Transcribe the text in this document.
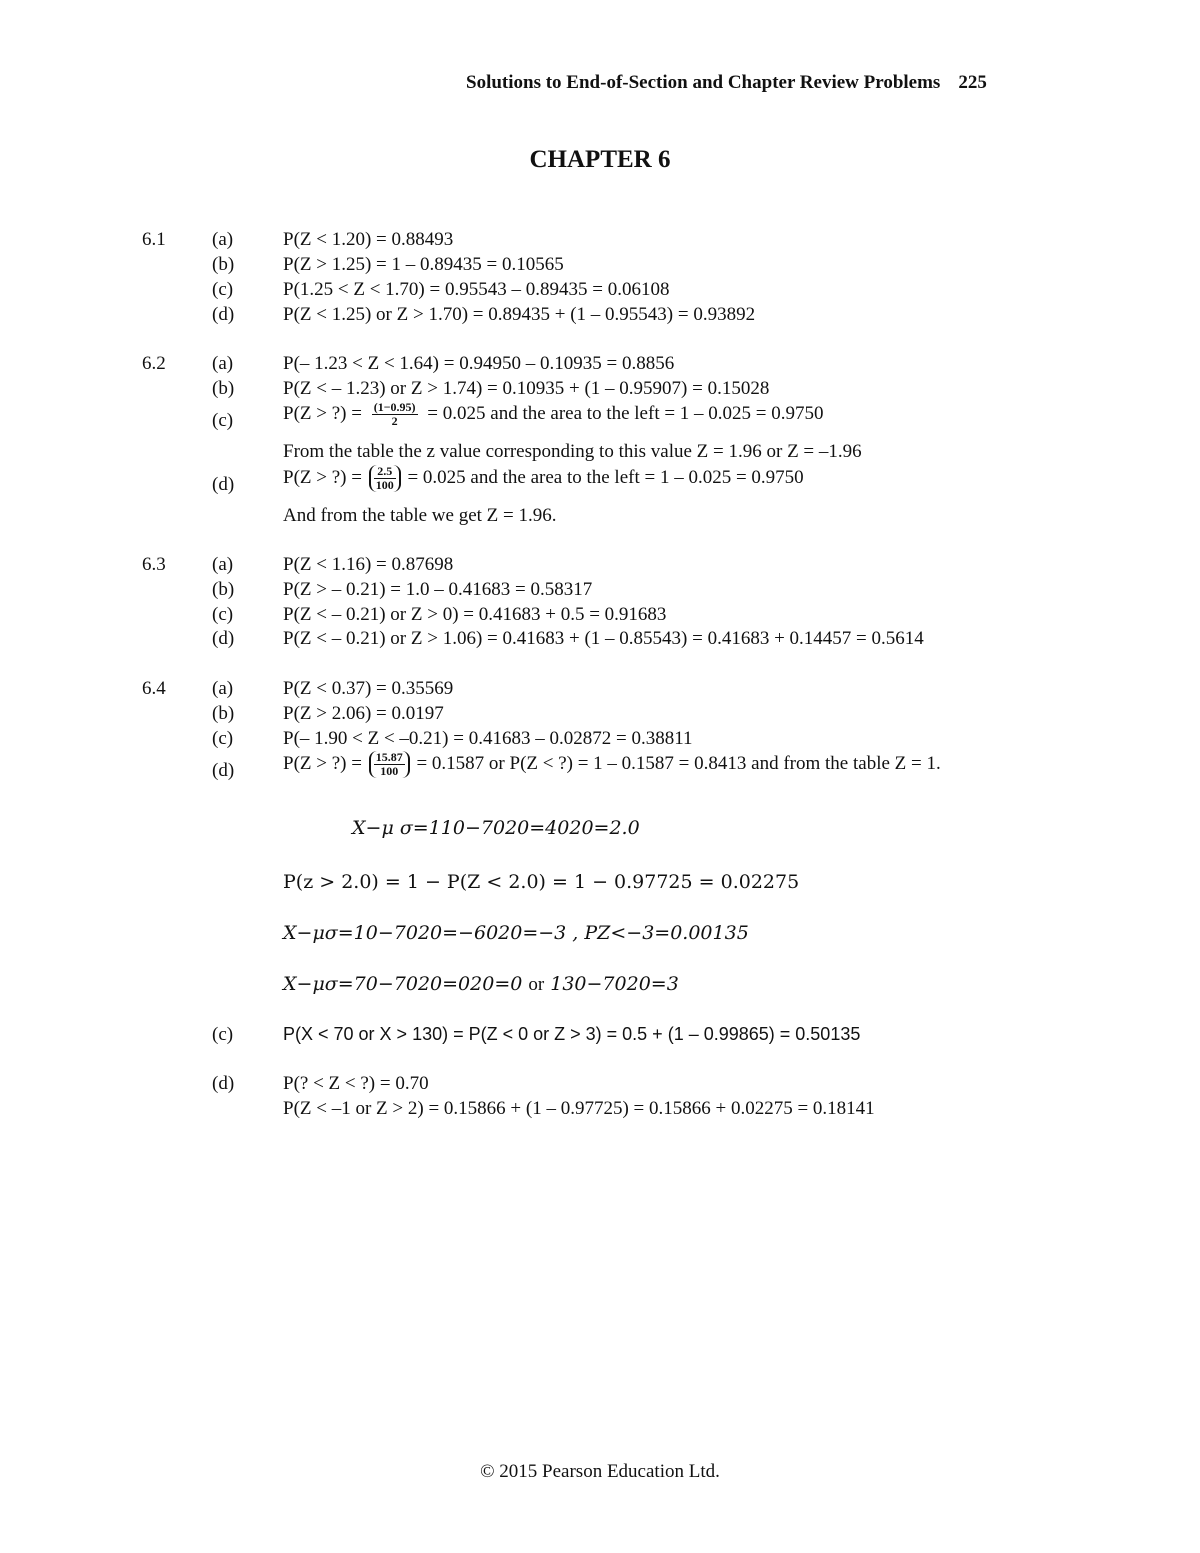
Solutions to End-of-Section and Chapter Review Problems 225
CHAPTER 6
6.1 (a)	P(Z < 1.20) = 0.88493
(b)	P(Z > 1.25) = 1 – 0.89435 = 0.10565
(c)	P(1.25 < Z < 1.70) = 0.95543 – 0.89435 = 0.06108
(d)	P(Z < 1.25) or Z > 1.70) = 0.89435 + (1 – 0.95543) = 0.93892
6.2 (a)	P(– 1.23 < Z < 1.64) = 0.94950 – 0.10935 = 0.8856
(b)	P(Z < – 1.23) or Z > 1.74) = 0.10935 + (1 – 0.95907) = 0.15028
(c)	P(Z > ?) = $\frac{(1-0.95)}{2} = 0.025$ and the area to the left = 1 – 0.025 = 0.9750
From the table the z value corresponding to this value Z = 1.96 or Z = –1.96
(d)	P(Z > ?) = $\frac{2.5}{100} = 0.025$ and the area to the left = 1 – 0.025 = 0.9750
And from the table we get Z = 1.96.
6.3 (a)	P(Z < 1.16) = 0.87698
(b)	P(Z > – 0.21) = 1.0 – 0.41683 = 0.58317
(c)	P(Z < – 0.21) or Z > 0) = 0.41683 + 0.5 = 0.91683
(d)	P(Z < – 0.21) or Z > 1.06) = 0.41683 + (1 – 0.85543) = 0.41683 + 0.14457 = 0.5614
6.4 (a)	P(Z < 0.37) = 0.35569
(b)	P(Z > 2.06) = 0.0197
(c)	P(– 1.90 < Z < –0.21) = 0.41683 – 0.02872 = 0.38811
(d)	P(Z > ?) = $\frac{15.87}{100} = 0.1587$ or P(Z < ?) = 1 – 0.1587 = 0.8413 and from the table Z = 1.
X−μ σ=110−7020=4020=2.0
P(z > 2.0) = 1 − P(Z < 2.0) = 1 − 0.97725 = 0.02275
X−μσ=10−7020=−6020=−3 , PZ<−3=0.00135
X−μσ=70−7020=020=0 or 130−7020=3
(c)	P(X < 70 or X > 130) = P(Z < 0 or Z > 3) = 0.5 + (1 – 0.99865) = 0.50135
(d)	P(? < Z < ?) = 0.70
P(Z < –1 or Z > 2) = 0.15866 + (1 – 0.97725) = 0.15866 + 0.02275 = 0.18141
© 2015 Pearson Education Ltd.
